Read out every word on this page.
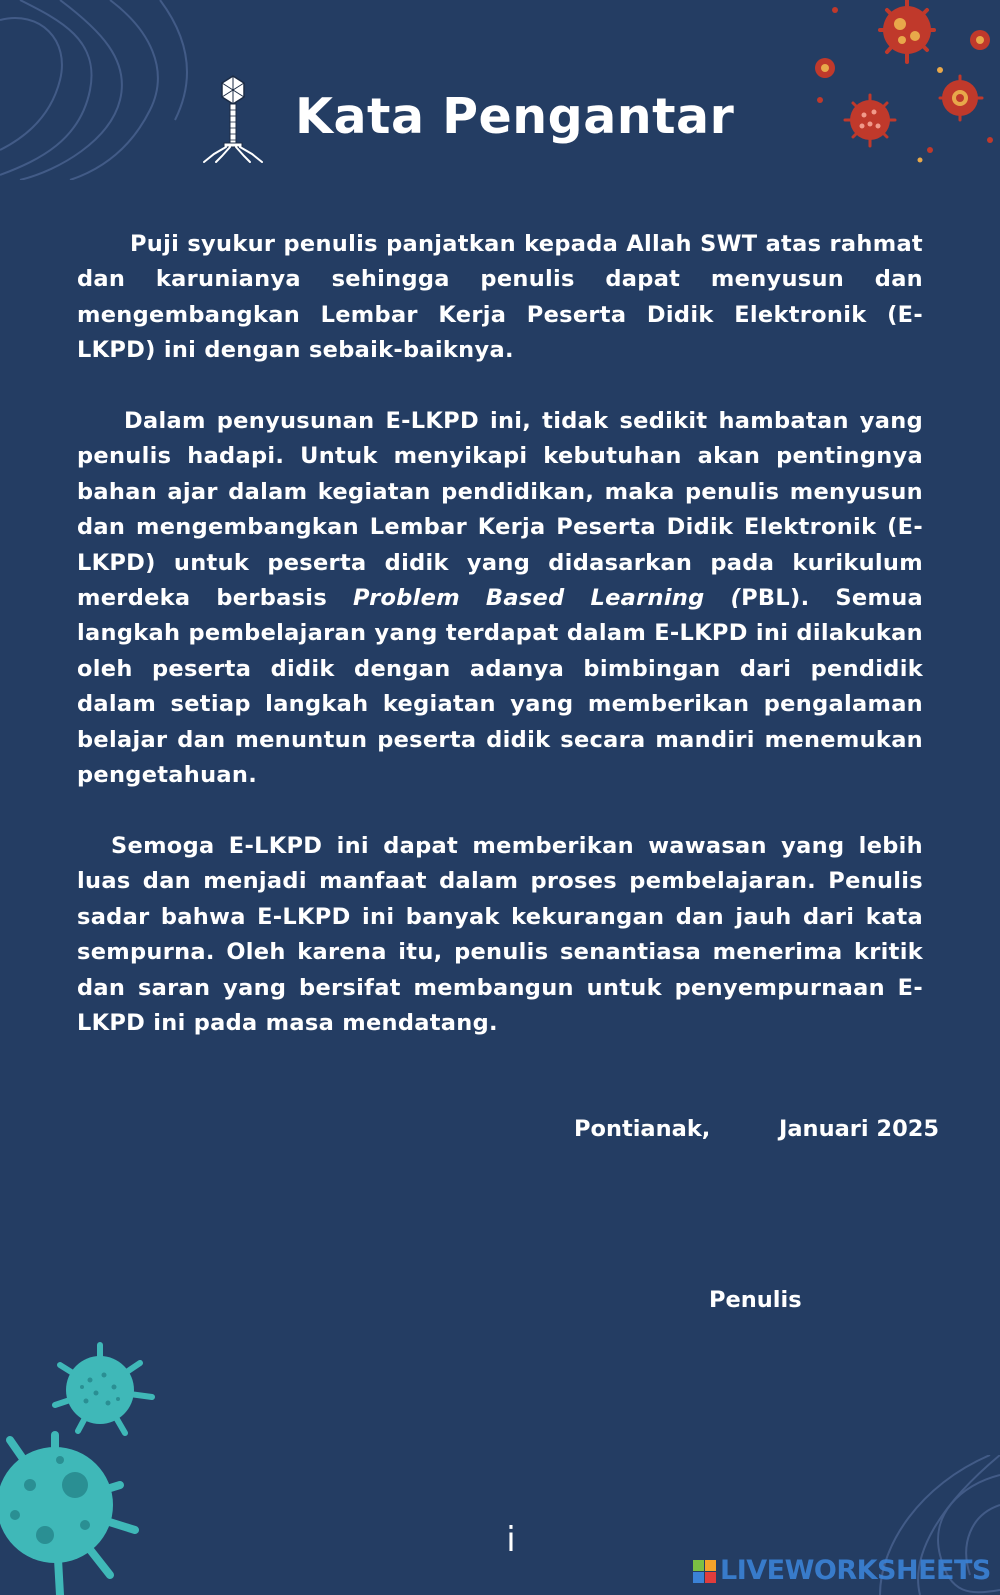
Kata Pengantar

Puji syukur penulis panjatkan kepada Allah SWT atas rahmat dan karunianya sehingga penulis dapat menyusun dan mengembangkan Lembar Kerja Peserta Didik Elektronik (E-LKPD) ini dengan sebaik-baiknya.

Dalam penyusunan E-LKPD ini, tidak sedikit hambatan yang penulis hadapi. Untuk menyikapi kebutuhan akan pentingnya bahan ajar dalam kegiatan pendidikan, maka penulis menyusun dan mengembangkan Lembar Kerja Peserta Didik Elektronik (E-LKPD) untuk peserta didik yang didasarkan pada kurikulum merdeka berbasis Problem Based Learning (PBL). Semua langkah pembelajaran yang terdapat dalam E-LKPD ini dilakukan oleh peserta didik dengan adanya bimbingan dari pendidik dalam setiap langkah kegiatan yang memberikan pengalaman belajar dan menuntun peserta didik secara mandiri menemukan pengetahuan.

Semoga E-LKPD ini dapat memberikan wawasan yang lebih luas dan menjadi manfaat dalam proses pembelajaran. Penulis sadar bahwa E-LKPD ini banyak kekurangan dan jauh dari kata sempurna. Oleh karena itu, penulis senantiasa menerima kritik dan saran yang bersifat membangun untuk penyempurnaan E-LKPD ini pada masa mendatang.

Pontianak,	Januari 2025
Penulis
i
LIVEWORKSHEETS
